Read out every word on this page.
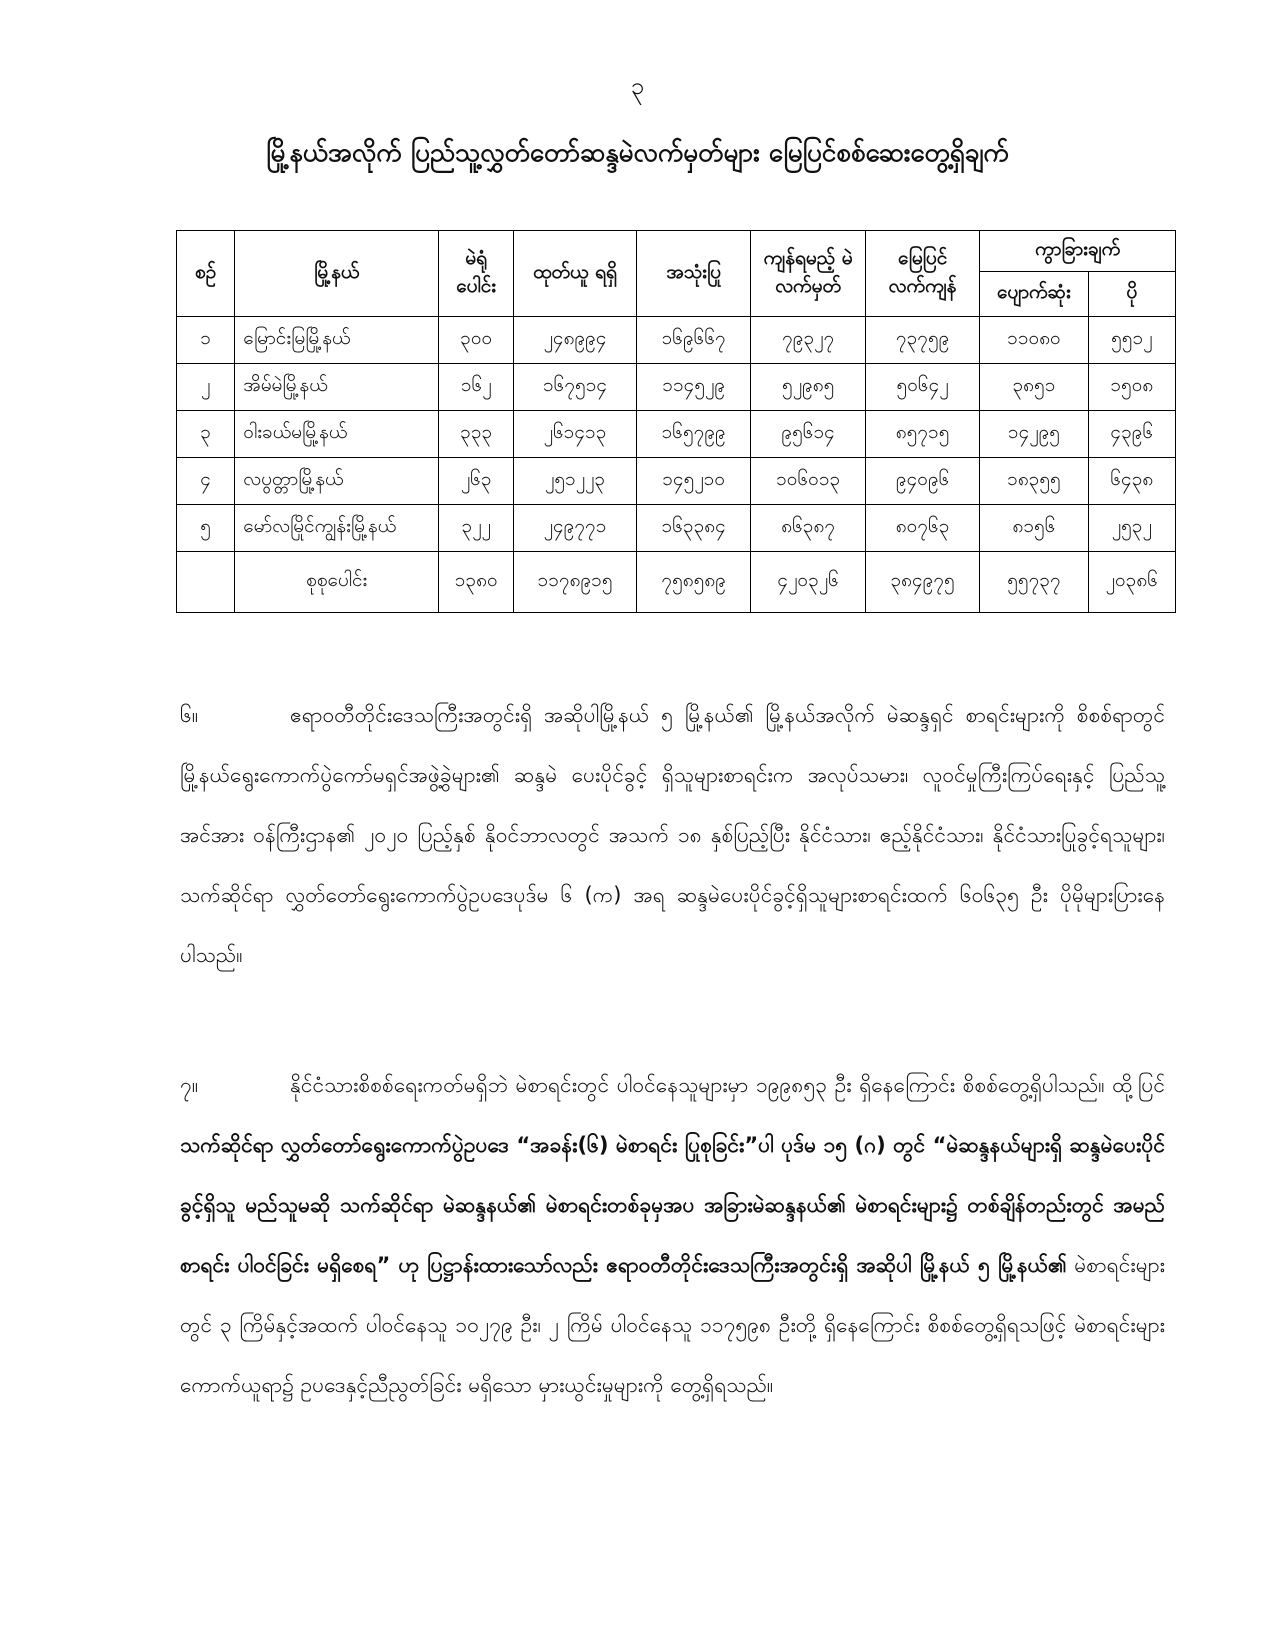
၃
မြို့နယ်အလိုက် ပြည်သူ့လွှတ်တော်ဆန္ဒမဲလက်မှတ်များ မြေပြင်စစ်ဆေးတွေ့ရှိချက်
စဉ်	မြို့နယ်	မဲရုံ ပေါင်း	ထုတ်ယူ ရရှိ	အသုံးပြု	ကျန်ရမည့် မဲလက်မှတ်	မြေပြင် လက်ကျန်	ကွာခြားချက်	
							ပျောက်ဆုံး	ပို
၁	မြောင်းမြမြို့နယ်	၃၀၀	၂၄၈၉၉၄	၁၆၉၆၆၇	၇၉၃၂၇	၇၃၇၅၉	၁၁၀၈၀	၅၅၁၂
၂	အိမ်မဲမြို့နယ်	၁၆၂	၁၆၇၅၁၄	၁၁၄၅၂၉	၅၂၉၈၅	၅၀၆၄၂	၃၈၅၁	၁၅၀၈
၃	ဝါးခယ်မမြို့နယ်	၃၃၃	၂၆၁၄၁၃	၁၆၅၇၉၉	၉၅၆၁၄	၈၅၇၁၅	၁၄၂၉၅	၄၃၉၆
၄	လပွတ္တာမြို့နယ်	၂၆၃	၂၅၁၂၂၃	၁၄၅၂၁၀	၁၀၆၀၁၃	၉၄၀၉၆	၁၈၃၅၅	၆၄၃၈
၅	မော်လမြိုင်ကျွန်းမြို့နယ်	၃၂၂	၂၄၉၇၇၁	၁၆၃၃၈၄	၈၆၃၈၇	၈၀၇၆၃	၈၁၅၆	၂၅၃၂
	စုစုပေါင်း	၁၃၈၀	၁၁၇၈၉၁၅	၇၅၈၅၈၉	၄၂၀၃၂၆	၃၈၄၉၇၅	၅၅၇၃၇	၂၀၃၈၆

၆။	ဧရာဝတီတိုင်းဒေသကြီးအတွင်းရှိ အဆိုပါမြို့နယ် ၅ မြို့နယ်၏ မြို့နယ်အလိုက် မဲဆန္ဒရှင် စာရင်းများကို စိစစ်ရာတွင် မြို့နယ်ရွေးကောက်ပွဲကော်မရှင်အဖွဲ့ခွဲများ၏ ဆန္ဒမဲ ပေးပိုင်ခွင့် ရှိသူများစာရင်းက အလုပ်သမား၊ လူဝင်မှုကြီးကြပ်ရေးနှင့် ပြည်သူ့အင်အား ဝန်ကြီးဌာန၏ ၂၀၂၀ ပြည့်နှစ် နိုဝင်ဘာလတွင် အသက် ၁၈ နှစ်ပြည့်ပြီး နိုင်ငံသား၊ ဧည့်နိုင်ငံသား၊ နိုင်ငံသားပြုခွင့်ရသူများ၊ သက်ဆိုင်ရာ လွှတ်တော်ရွေးကောက်ပွဲဥပဒေပုဒ်မ ၆ (က) အရ ဆန္ဒမဲပေးပိုင်ခွင့်ရှိသူများစာရင်းထက် ၆၀၆၃၅ ဦး ပိုမိုများပြားနေပါသည်။

၇။	နိုင်ငံသားစိစစ်ရေးကတ်မရှိဘဲ မဲစာရင်းတွင် ပါဝင်နေသူများမှာ ၁၉၉၈၅၃ ဦး ရှိနေကြောင်း စိစစ်တွေ့ရှိပါသည်။ ထို့ပြင် သက်ဆိုင်ရာ လွှတ်တော်ရွေးကောက်ပွဲဥပဒေ “အခန်း(၆) မဲစာရင်း ပြုစုခြင်း”ပါ ပုဒ်မ ၁၅ (ဂ) တွင် “မဲဆန္ဒနယ်များရှိ ဆန္ဒမဲပေးပိုင်ခွင့်ရှိသူ မည်သူမဆို သက်ဆိုင်ရာ မဲဆန္ဒနယ်၏ မဲစာရင်းတစ်ခုမှအပ အခြားမဲဆန္ဒနယ်၏ မဲစာရင်းများ၌ တစ်ချိန်တည်းတွင် အမည် စာရင်း ပါဝင်ခြင်း မရှိစေရ” ဟု ပြဋ္ဌာန်းထားသော်လည်း ဧရာဝတီတိုင်းဒေသကြီးအတွင်းရှိ အဆိုပါ မြို့နယ် ၅ မြို့နယ်၏ မဲစာရင်းများတွင် ၃ ကြိမ်နှင့်အထက် ပါဝင်နေသူ ၁၀၂၇၉ ဦး၊ ၂ ကြိမ် ပါဝင်နေသူ ၁၁၇၅၉၈ ဦးတို့ ရှိနေကြောင်း စိစစ်တွေ့ရှိရသဖြင့် မဲစာရင်းများကောက်ယူရာ၌ ဥပဒေနှင့်ညီညွတ်ခြင်း မရှိသော မှားယွင်းမှုများကို တွေ့ရှိရသည်။
